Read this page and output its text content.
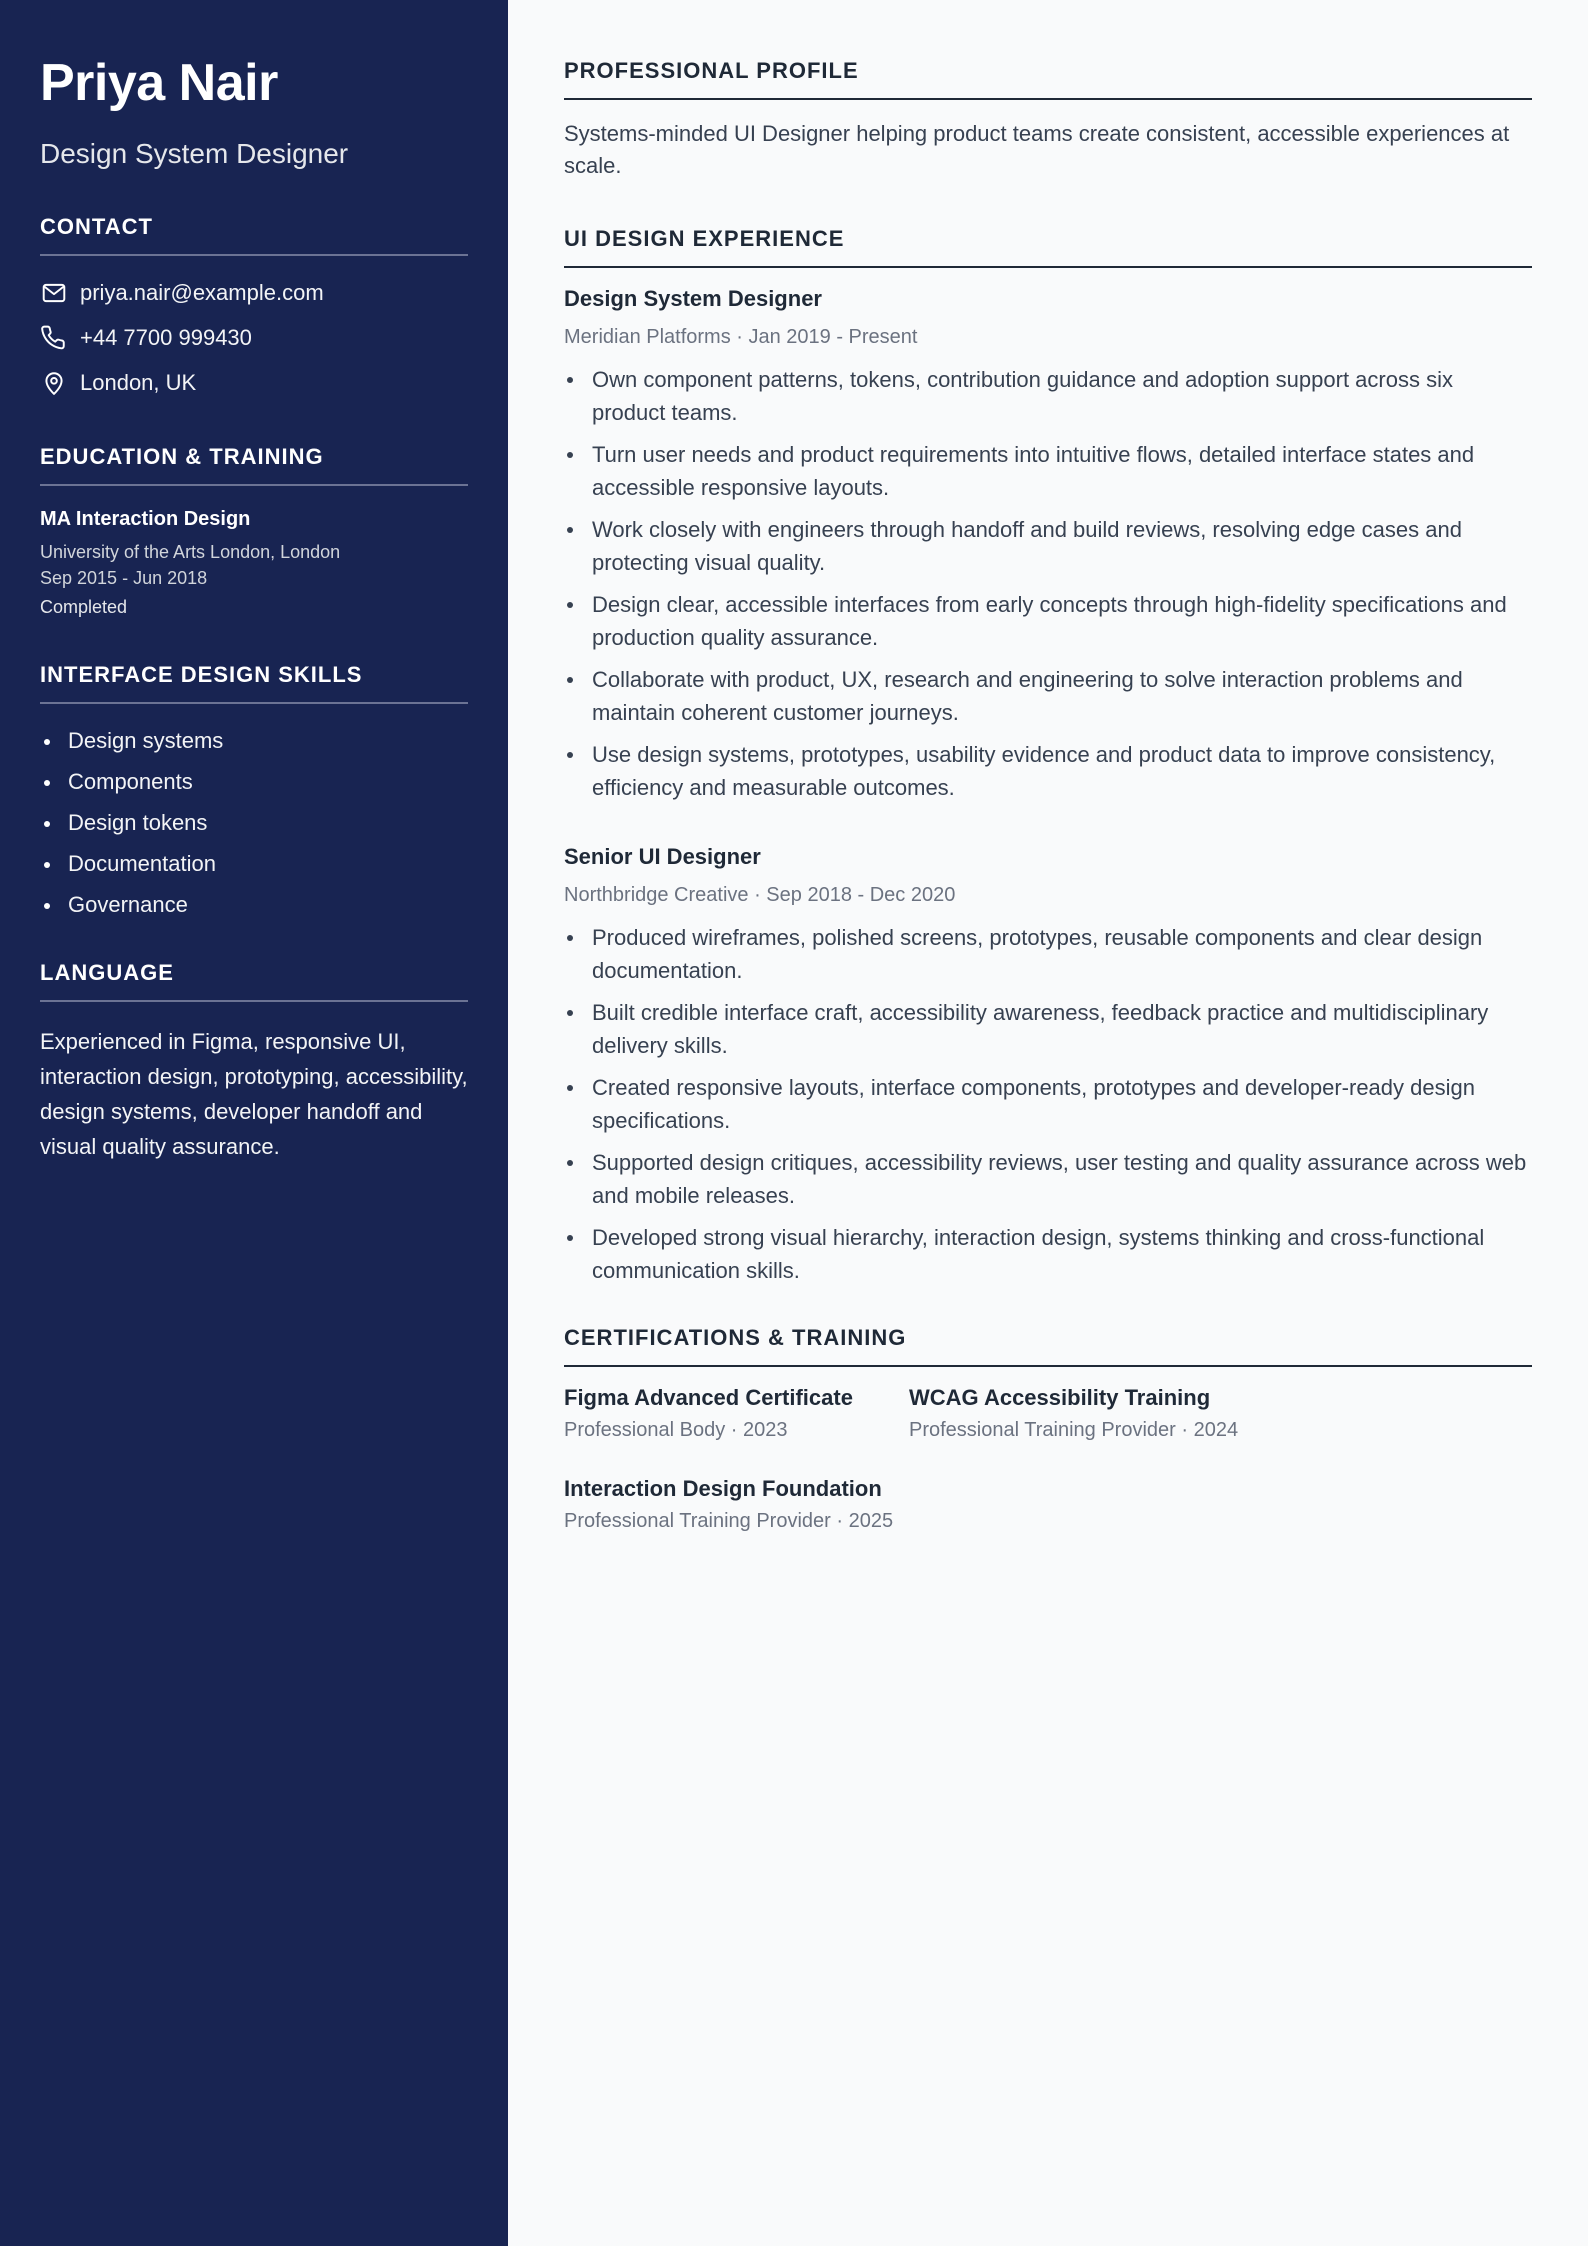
Priya Nair
Design System Designer
CONTACT
priya.nair@example.com
+44 7700 999430
London, UK
EDUCATION & TRAINING
MA Interaction Design
University of the Arts London, London
Sep 2015 - Jun 2018
Completed
INTERFACE DESIGN SKILLS
Design systems
Components
Design tokens
Documentation
Governance
LANGUAGE

Experienced in Figma, responsive UI, interaction design, prototyping, accessibility, design systems, developer handoff and visual quality assurance.

PROFESSIONAL PROFILE

Systems-minded UI Designer helping product teams create consistent, accessible experiences at scale.

UI DESIGN EXPERIENCE
Design System Designer
Meridian Platforms · Jan 2019 - Present
Own component patterns, tokens, contribution guidance and adoption support across six product teams.
Turn user needs and product requirements into intuitive flows, detailed interface states and accessible responsive layouts.
Work closely with engineers through handoff and build reviews, resolving edge cases and protecting visual quality.
Design clear, accessible interfaces from early concepts through high-fidelity specifications and production quality assurance.
Collaborate with product, UX, research and engineering to solve interaction problems and maintain coherent customer journeys.
Use design systems, prototypes, usability evidence and product data to improve consistency, efficiency and measurable outcomes.
Senior UI Designer
Northbridge Creative · Sep 2018 - Dec 2020
Produced wireframes, polished screens, prototypes, reusable components and clear design documentation.
Built credible interface craft, accessibility awareness, feedback practice and multidisciplinary delivery skills.
Created responsive layouts, interface components, prototypes and developer-ready design specifications.
Supported design critiques, accessibility reviews, user testing and quality assurance across web and mobile releases.
Developed strong visual hierarchy, interaction design, systems thinking and cross-functional communication skills.
CERTIFICATIONS & TRAINING
Figma Advanced Certificate
Professional Body · 2023
WCAG Accessibility Training
Professional Training Provider · 2024
Interaction Design Foundation
Professional Training Provider · 2025
